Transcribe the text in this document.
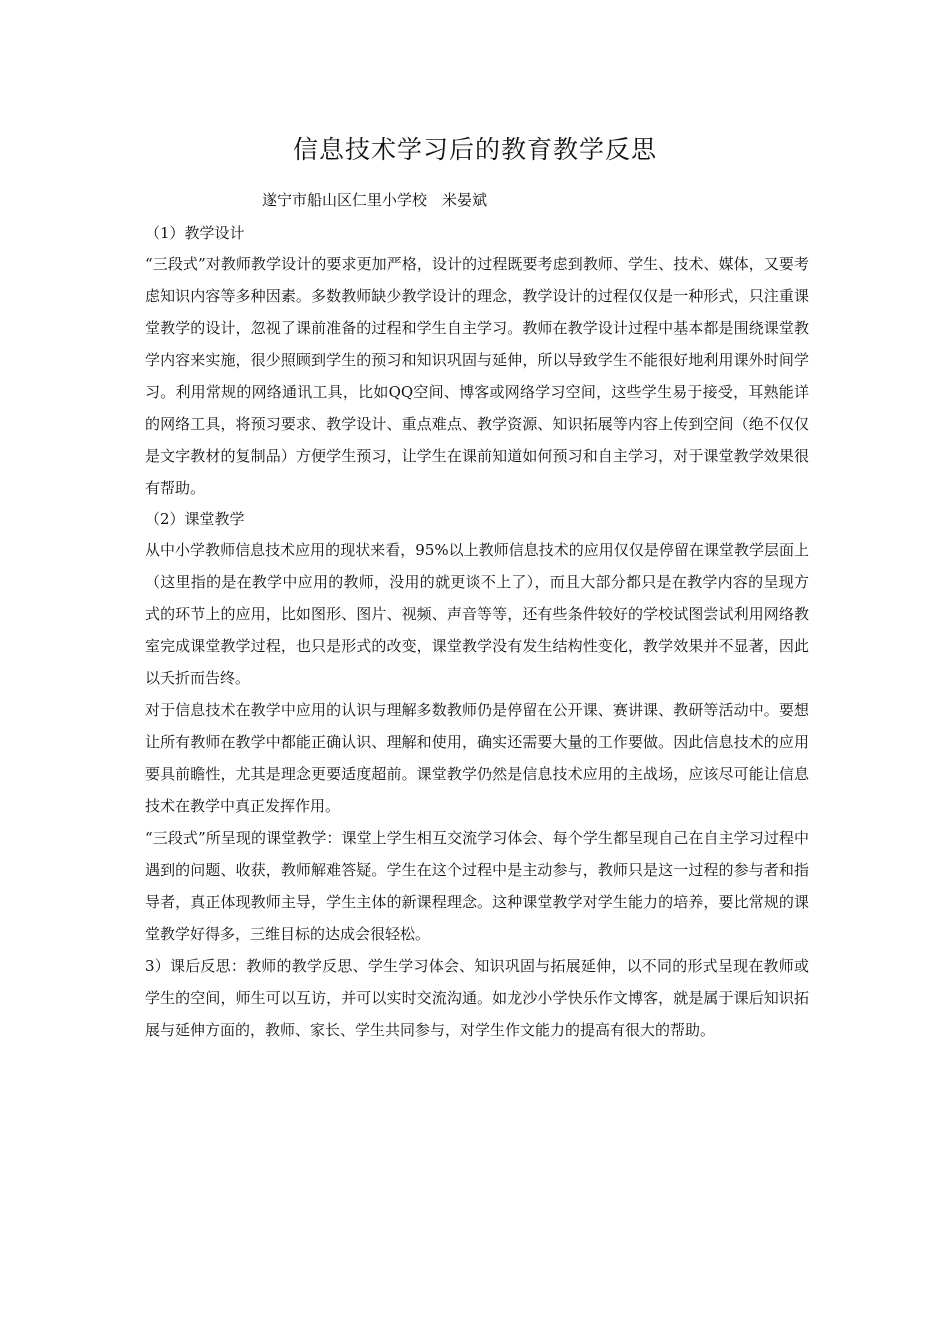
信息技术学习后的教育教学反思
遂宁市船山区仁里小学校　米晏斌

（1）教学设计

“三段式”对教师教学设计的要求更加严格，设计的过程既要考虑到教师、学生、技术、媒体，又要考虑知识内容等多种因素。多数教师缺少教学设计的理念，教学设计的过程仅仅是一种形式，只注重课堂教学的设计，忽视了课前准备的过程和学生自主学习。教师在教学设计过程中基本都是围绕课堂教学内容来实施，很少照顾到学生的预习和知识巩固与延伸，所以导致学生不能很好地利用课外时间学习。利用常规的网络通讯工具，比如QQ空间、博客或网络学习空间，这些学生易于接受，耳熟能详的网络工具，将预习要求、教学设计、重点难点、教学资源、知识拓展等内容上传到空间（绝不仅仅是文字教材的复制品）方便学生预习，让学生在课前知道如何预习和自主学习，对于课堂教学效果很有帮助。

（2）课堂教学

从中小学教师信息技术应用的现状来看，95%以上教师信息技术的应用仅仅是停留在课堂教学层面上（这里指的是在教学中应用的教师，没用的就更谈不上了），而且大部分都只是在教学内容的呈现方式的环节上的应用，比如图形、图片、视频、声音等等，还有些条件较好的学校试图尝试利用网络教室完成课堂教学过程，也只是形式的改变，课堂教学没有发生结构性变化，教学效果并不显著，因此以夭折而告终。

对于信息技术在教学中应用的认识与理解多数教师仍是停留在公开课、赛讲课、教研等活动中。要想让所有教师在教学中都能正确认识、理解和使用，确实还需要大量的工作要做。因此信息技术的应用要具前瞻性，尤其是理念更要适度超前。课堂教学仍然是信息技术应用的主战场，应该尽可能让信息技术在教学中真正发挥作用。

“三段式”所呈现的课堂教学：课堂上学生相互交流学习体会、每个学生都呈现自己在自主学习过程中遇到的问题、收获，教师解难答疑。学生在这个过程中是主动参与，教师只是这一过程的参与者和指导者，真正体现教师主导，学生主体的新课程理念。这种课堂教学对学生能力的培养，要比常规的课堂教学好得多，三维目标的达成会很轻松。

3）课后反思：教师的教学反思、学生学习体会、知识巩固与拓展延伸，以不同的形式呈现在教师或学生的空间，师生可以互访，并可以实时交流沟通。如龙沙小学快乐作文博客，就是属于课后知识拓展与延伸方面的，教师、家长、学生共同参与，对学生作文能力的提高有很大的帮助。
